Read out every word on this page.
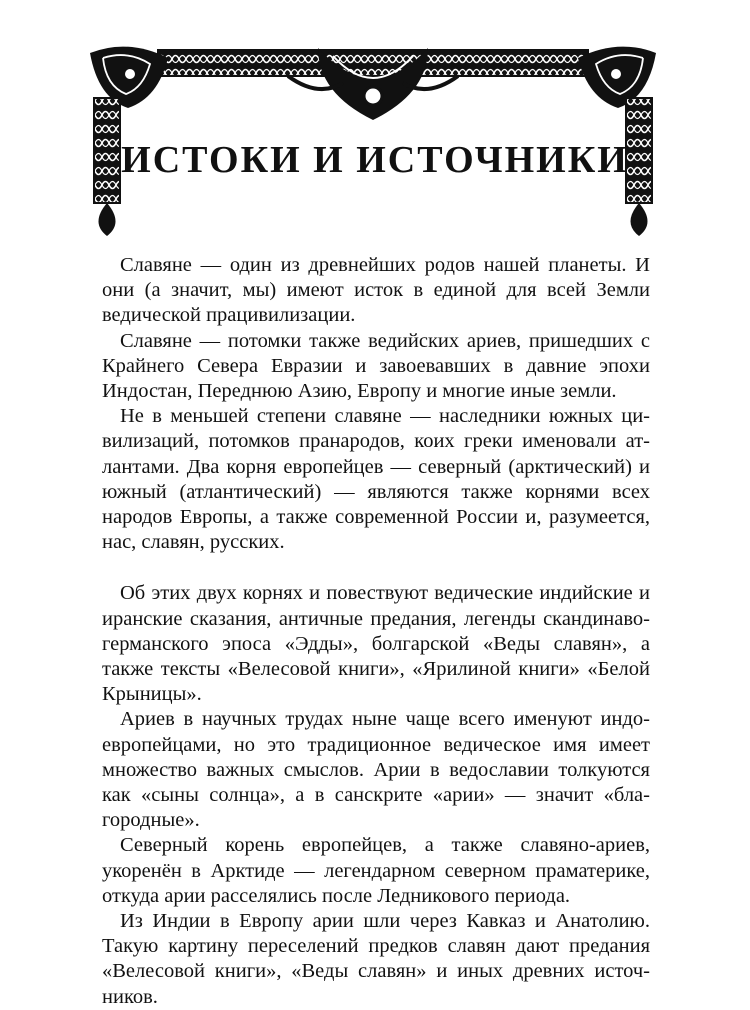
ИСТОКИ И ИСТОЧНИКИ

Славяне — один из древнейших родов нашей планеты. И они (а значит, мы) имеют исток в единой для всей Земли ведической працивилизации.

Славяне — потомки также ведийских ариев, пришедших с Крайнего Севера Евразии и завоевавших в давние эпохи Индостан, Переднюю Азию, Европу и многие иные земли.

Не в меньшей степени славяне — наследники южных цивилизаций, потомков пранародов, коих греки именовали атлантами. Два корня европейцев — северный (арктический) и южный (атлантический) — являются также корнями всех народов Европы, а также современной России и, разумеется, нас, славян, русских.

Об этих двух корнях и повествуют ведические индийские и иранские сказания, античные предания, легенды скандинаво-германского эпоса «Эдды», болгарской «Веды славян», а также тексты «Велесовой книги», «Ярилиной книги» «Белой Крыницы».

Ариев в научных трудах ныне чаще всего именуют индоевропейцами, но это традиционное ведическое имя имеет множество важных смыслов. Арии в ведославии толкуются как «сыны солнца», а в санскрите «арии» — значит «благородные».

Северный корень европейцев, а также славяно-ариев, укоренён в Арктиде — легендарном северном праматерике, откуда арии расселялись после Ледникового периода.

Из Индии в Европу арии шли через Кавказ и Анатолию. Такую картину переселений предков славян дают предания «Велесовой книги», «Веды славян» и иных древних источников.
